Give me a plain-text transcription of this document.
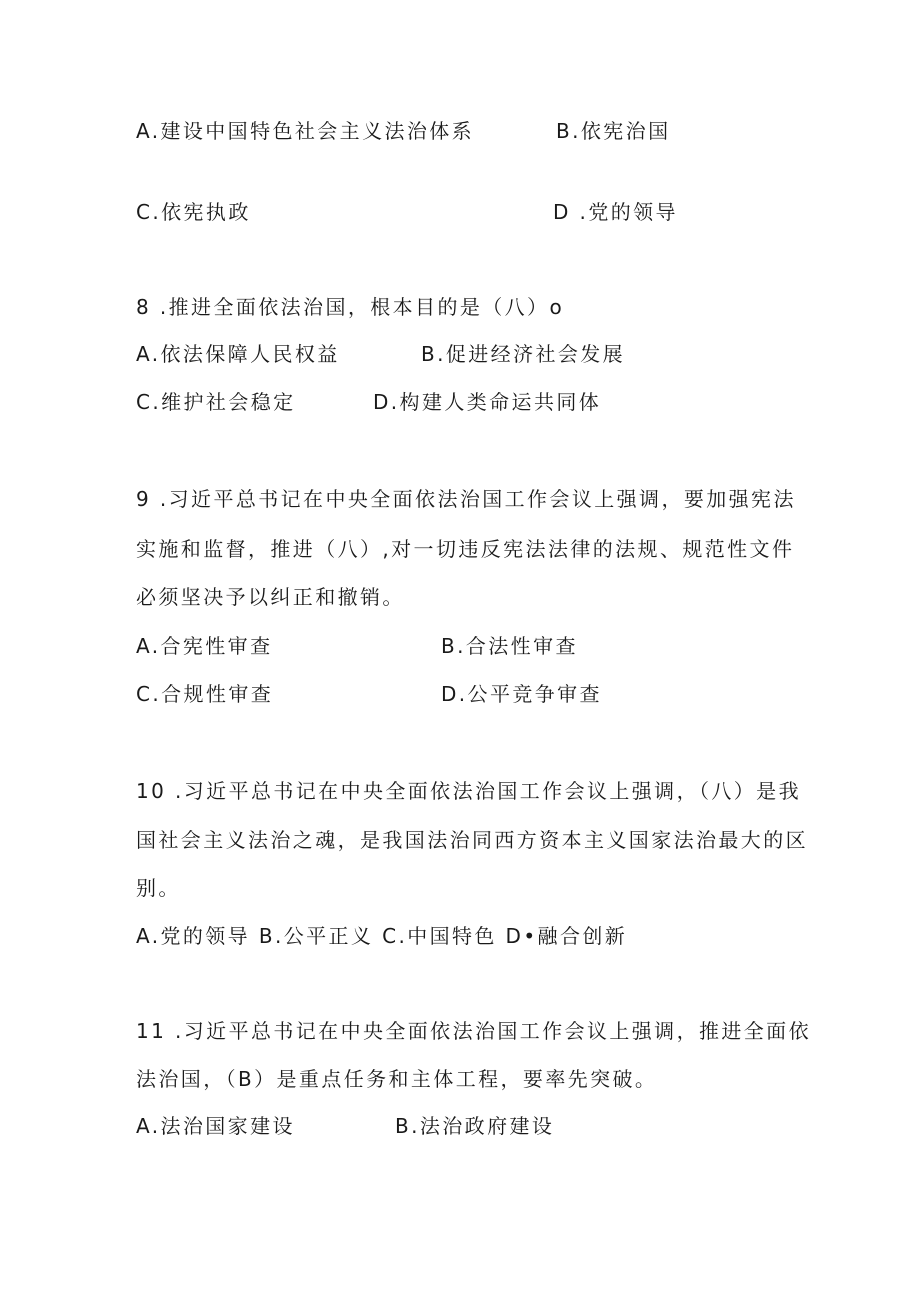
A.建设中国特色社会主义法治体系	B.依宪治国
C.依宪执政	D .党的领导
8 .推进全面依法治国，根本目的是（八）o
A.依法保障人民权益	B.促进经济社会发展
C.维护社会稳定	D.构建人类命运共同体
9 .习近平总书记在中央全面依法治国工作会议上强调，要加强宪法
实施和监督，推进（八）,对一切违反宪法法律的法规、规范性文件
必须坚决予以纠正和撤销。
A.合宪性审查	B.合法性审查
C.合规性审查	D.公平竞争审查
10 .习近平总书记在中央全面依法治国工作会议上强调，（八）是我
国社会主义法治之魂，是我国法治同西方资本主义国家法治最大的区
别。
A.党的领导 B.公平正义 C.中国特色 D•融合创新
11 .习近平总书记在中央全面依法治国工作会议上强调，推进全面依
法治国，（B）是重点任务和主体工程，要率先突破。
A.法治国家建设	B.法治政府建设
